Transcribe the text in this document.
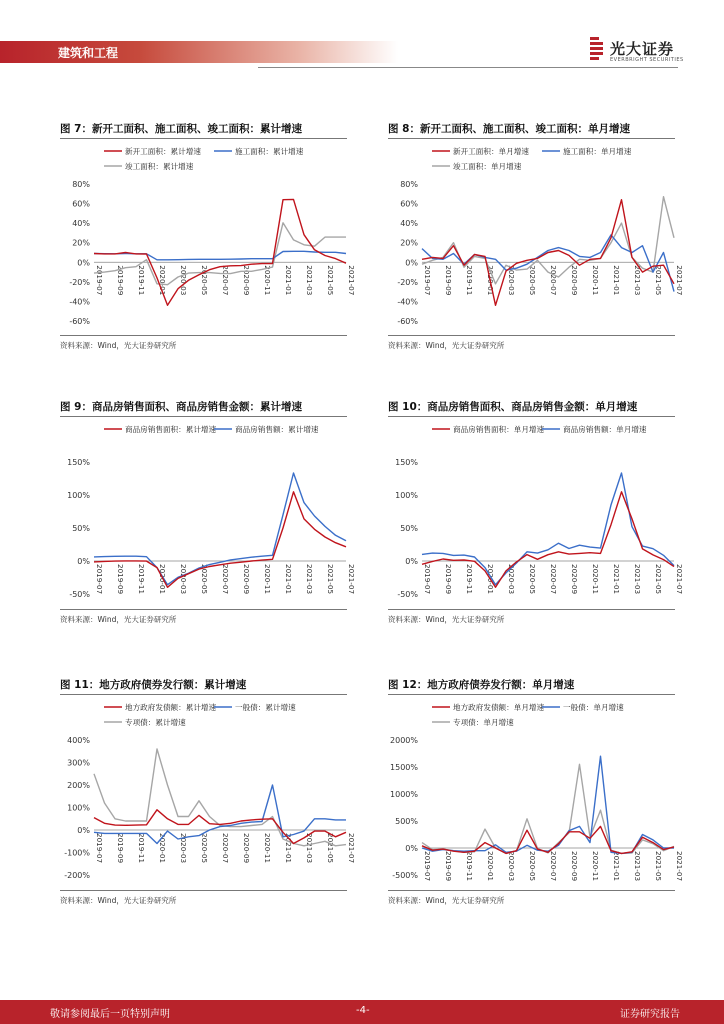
建筑和工程	光大证券
EVERBRIGHT SECURITIES
图 7：新开工面积、施工面积、竣工面积：累计增速
80%
60%
40%
20%
0%
-20%
-40%
-60%
2019-07 2019-09 2019-11 2020-01 2020-03 2020-05 2020-07 2020-09 2020-11 2021-01 2021-03 2021-05 2021-07
新开工面积：累计增速	施工面积：累计增速
竣工面积：累计增速
资料来源：Wind，光大证券研究所
图 8：新开工面积、施工面积、竣工面积：单月增速
80%
60%
40%
20%
0%
-20%
-40%
-60%
2019-07 2019-09 2019-11 2020-01 2020-03 2020-05 2020-07 2020-09 2020-11 2021-01 2021-03 2021-05 2021-07
新开工面积：单月增速	施工面积：单月增速
竣工面积：单月增速
资料来源：Wind，光大证券研究所
图 9：商品房销售面积、商品房销售金额：累计增速
150%
100%
50%
0%
-50%
2019-07 2019-09 2019-11 2020-01 2020-03 2020-05 2020-07 2020-09 2020-11 2021-01 2021-03 2021-05 2021-07
商品房销售面积：累计增速 商品房销售额：累计增速
资料来源：Wind，光大证券研究所
图 10：商品房销售面积、商品房销售金额：单月增速
150%
100%
50%
0%
-50%
2019-07 2019-09 2019-11 2020-01 2020-03 2020-05 2020-07 2020-09 2020-11 2021-01 2021-03 2021-05 2021-07
商品房销售面积：单月增速 商品房销售额：单月增速
资料来源：Wind，光大证券研究所
图 11：地方政府债券发行额：累计增速
400%
300%
200%
100%
0%
-100%
-200%
2019-07 2019-09 2019-11 2020-01 2020-03 2020-05 2020-07 2020-09 2020-11 2021-01 2021-03 2021-05 2021-07
地方政府发债额：累计增速 一般债：累计增速
专项债：累计增速
资料来源：Wind，光大证券研究所
图 12：地方政府债券发行额：单月增速
2000%
1500%
1000%
500%
0%
-500% 2019-07 2019-09 2019-11 2020-01 2020-03 2020-05 2020-07 2020-09 2020-11 2021-01 2021-03 2021-05 2021-07
地方政府发债额：单月增速 一般债：单月增速
专项债：单月增速
资料来源：Wind，光大证券研究所
敬请参阅最后一页特别声明	-4-	证券研究报告
